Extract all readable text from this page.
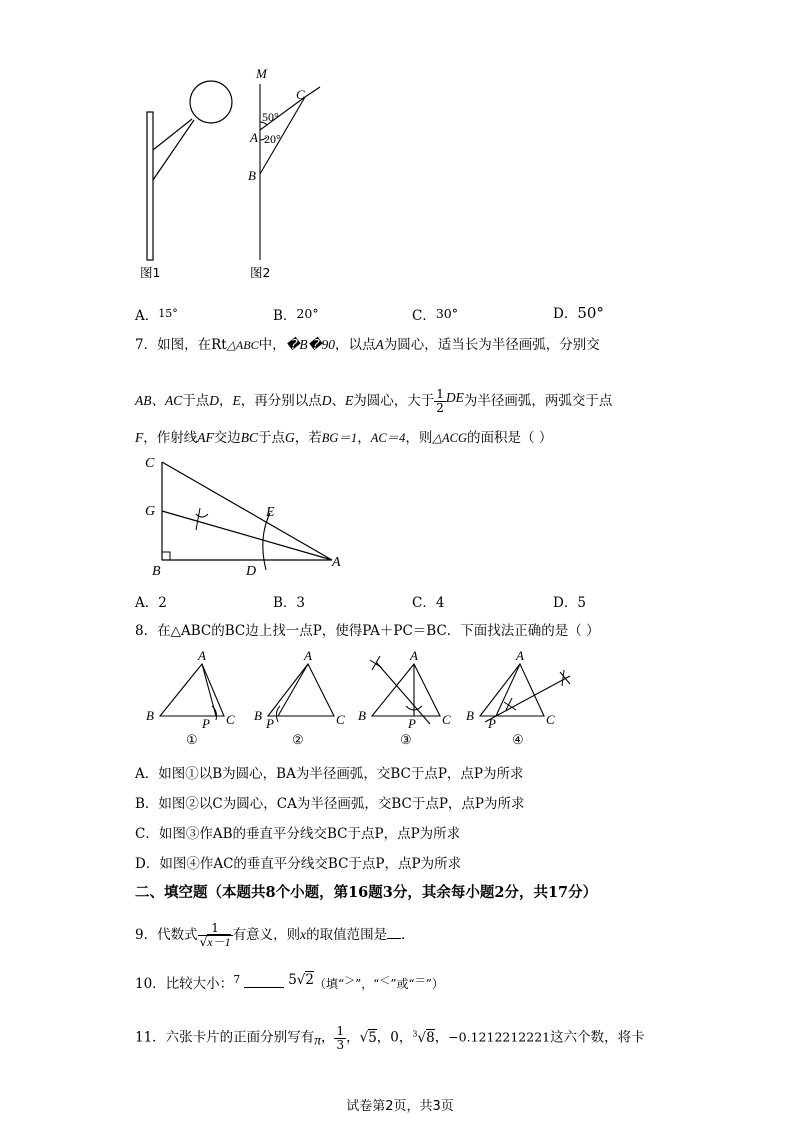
M
C
A
B
50°
20°
图1	图2
A．$^{15^\circ}$	B．20°	C．30°	D．50°
7．如图，在Rt△ABC中，�B�90，以点A为圆心，适当长为半径画弧，分别交
AB、AC于点D，E，再分别以点D、E为圆心，大于 $\frac{1}{2}$ DE为半径画弧，两弧交于点
F，作射线AF交边BC于点G，若BG＝1，AC＝4，则△ACG的面积是（ ）
C
G	E
B	D
A
A．2	B．3	C．4	D．5
8．在△ABC的BC边上找一点P，使得PA＋PC＝BC．下面找法正确的是（ ）
A
B
P C
A
B
P	C
A
B
P C
A
B
P	C
①	②	③	④
A．如图①以B为圆心，BA为半径画弧，交BC于点P，点P为所求
B．如图②以C为圆心，CA为半径画弧，交BC于点P，点P为所求
C．如图③作AB的垂直平分线交BC于点P，点P为所求
D．如图④作AC的垂直平分线交BC于点P，点P为所求
二、填空题（本题共8个小题，第16题3分，其余每小题2分，共17分）
9．代数式 $\frac{1}{√x-1}$ 有意义，则x的取值范围是 ．
10．比较大小：$^7$	5√2（填“＞”，“＜”或“＝”）
11．六张卡片的正面分别写有π， $\frac{1}{3}$ ，√5，0，$^3$√8，−0.1212212221这六个数，将卡
试卷第2页，共3页
